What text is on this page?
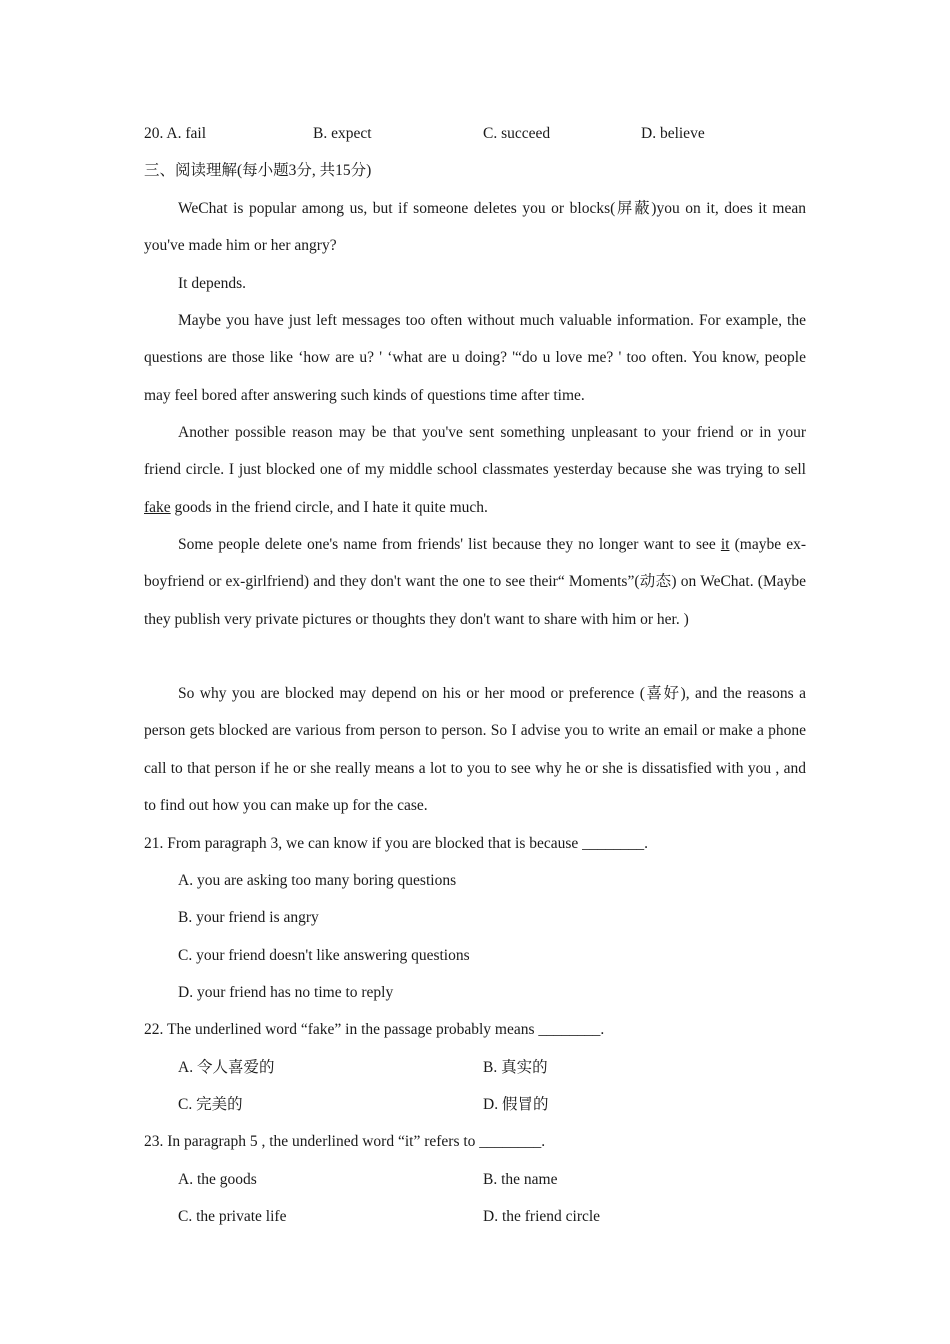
20. A. fail	B. expect	C. succeed	D. believe
三、阅读理解(每小题3分, 共15分)
WeChat is popular among us, but if someone deletes you or blocks(屏蔽)you on it, does it mean you've made him or her angry?
It depends.
Maybe you have just left messages too often without much valuable information. For example, the questions are those like ‘how are u? ' ‘what are u doing? '“do u love me? ' too often. You know, people may feel bored after answering such kinds of questions time after time.
Another possible reason may be that you've sent something unpleasant to your friend or in your friend circle. I just blocked one of my middle school classmates yesterday because she was trying to sell fake goods in the friend circle, and I hate it quite much.
Some people delete one's name from friends' list because they no longer want to see it (maybe ex-boyfriend or ex-girlfriend) and they don't want the one to see their“ Moments”(动态) on WeChat. (Maybe they publish very private pictures or thoughts they don't want to share with him or her. )
So why you are blocked may depend on his or her mood or preference (喜好), and the reasons a person gets blocked are various from person to person. So I advise you to write an email or make a phone call to that person if he or she really means a lot to you to see why he or she is dissatisfied with you , and to find out how you can make up for the case.
21. From paragraph 3, we can know if you are blocked that is because ________.
A. you are asking too many boring questions
B. your friend is angry
C. your friend doesn't like answering questions
D. your friend has no time to reply
22. The underlined word “fake” in the passage probably means ________.
A. 令人喜爱的	B. 真实的
C. 完美的	D. 假冒的
23. In paragraph 5 , the underlined word “it” refers to ________.
A. the goods	B. the name
C. the private life	D. the friend circle
